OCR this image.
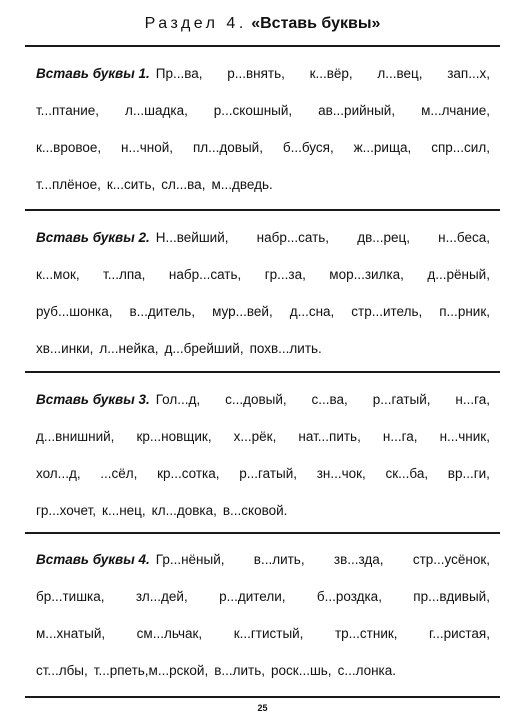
Раздел 4. «Вставь буквы»
Вставь буквы 1. Пр...ва, р...внять, к...вёр, л...вец, зап...х,
т...птание, л...шадка, р...скошный, ав...рийный, м...лчание,
к...вровое, н...чной, пл...довый, б...буся, ж...рища, спр...сил,
т...плёное, к...сить, сл...ва, м...дведь.
Вставь буквы 2. Н...вейший, набр...сать, дв...рец, н...беса,
к...мок, т...лпа, набр...сать, гр...за, мор...зилка, д...рёный,
руб...шонка, в...дитель, мур...вей, д...сна, стр...итель, п...рник,
хв...инки, л...нейка, д...брейший, похв...лить.
Вставь буквы 3. Гол...д, с...довый, с...ва, р...гатый, н...га,
д...внишний, кр...новщик, х...рёк, нат...пить, н...га, н...чник,
хол...д, ...сёл, кр...сотка, р...гатый, зн...чок, ск...ба, вр...ги,
гр...хочет, к...нец, кл...довка, в...сковой.
Вставь буквы 4. Гр...нёный, в...лить, зв...зда, стр...усёнок,
бр...тишка, зл...дей, р...дители, б...роздка, пр...вдивый,
м...хнатый, см...льчак, к...гтистый, тр...стник, г...ристая,
ст...лбы, т...рпеть,м...рской, в...лить, роск...шь, с...лонка.
25
